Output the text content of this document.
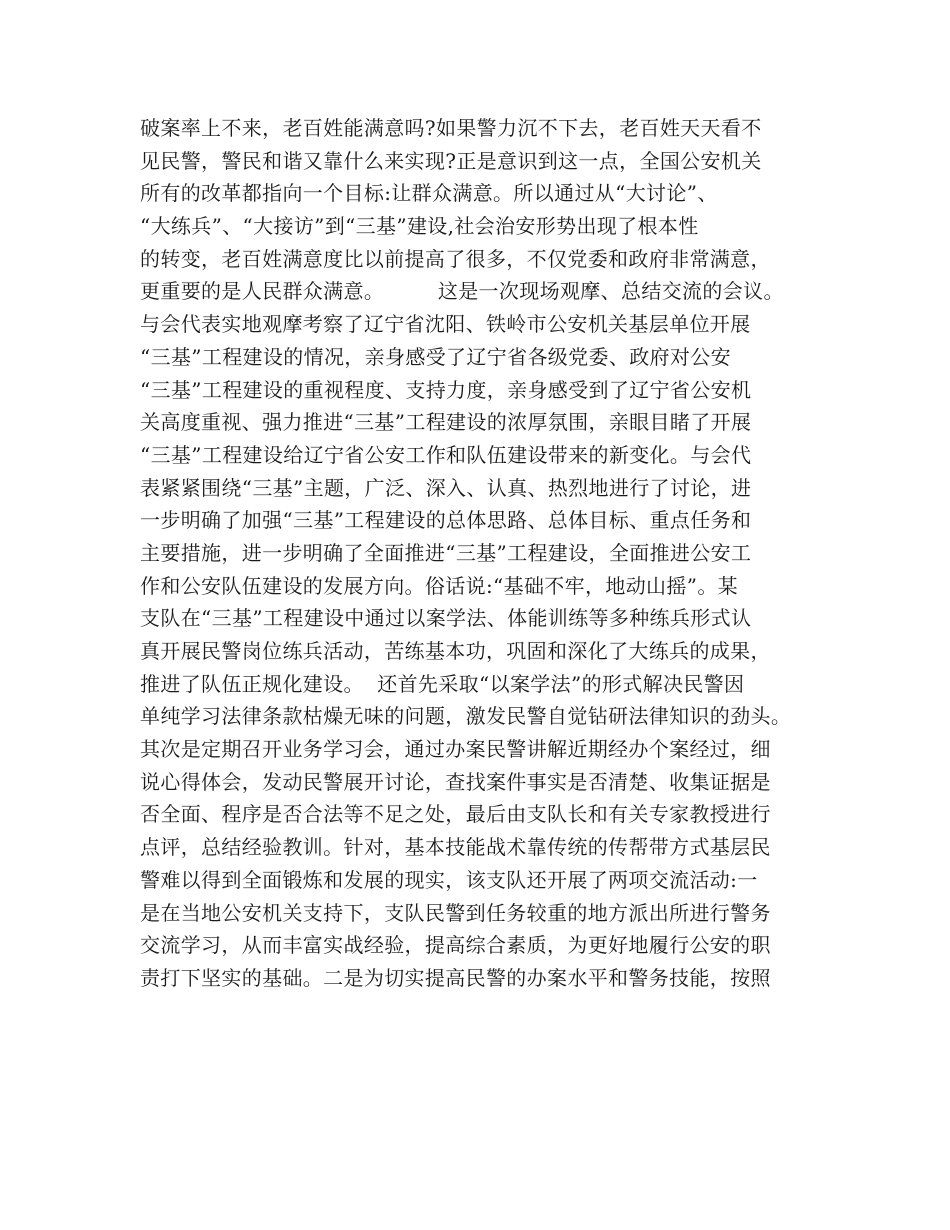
破案率上不来，老百姓能满意吗?如果警力沉不下去，老百姓天天看不
见民警，警民和谐又靠什么来实现?正是意识到这一点，全国公安机关
所有的改革都指向一个目标:让群众满意。所以通过从“大讨论”、
“大练兵”、“大接访”到“三基”建设,社会治安形势出现了根本性
的转变，老百姓满意度比以前提高了很多，不仅党委和政府非常满意，
更重要的是人民群众满意。        这是一次现场观摩、总结交流的会议。
与会代表实地观摩考察了辽宁省沈阳、铁岭市公安机关基层单位开展
“三基”工程建设的情况，亲身感受了辽宁省各级党委、政府对公安
“三基”工程建设的重视程度、支持力度，亲身感受到了辽宁省公安机
关高度重视、强力推进“三基”工程建设的浓厚氛围，亲眼目睹了开展
“三基”工程建设给辽宁省公安工作和队伍建设带来的新变化。与会代
表紧紧围绕“三基”主题，广泛、深入、认真、热烈地进行了讨论，进
一步明确了加强“三基”工程建设的总体思路、总体目标、重点任务和
主要措施，进一步明确了全面推进“三基”工程建设，全面推进公安工
作和公安队伍建设的发展方向。俗话说:“基础不牢，地动山摇”。某
支队在“三基”工程建设中通过以案学法、体能训练等多种练兵形式认
真开展民警岗位练兵活动，苦练基本功，巩固和深化了大练兵的成果，
推进了队伍正规化建设。  还首先采取“以案学法”的形式解决民警因
单纯学习法律条款枯燥无味的问题，激发民警自觉钻研法律知识的劲头。
其次是定期召开业务学习会，通过办案民警讲解近期经办个案经过，细
说心得体会，发动民警展开讨论，查找案件事实是否清楚、收集证据是
否全面、程序是否合法等不足之处，最后由支队长和有关专家教授进行
点评，总结经验教训。针对，基本技能战术靠传统的传帮带方式基层民
警难以得到全面锻炼和发展的现实，该支队还开展了两项交流活动:一
是在当地公安机关支持下，支队民警到任务较重的地方派出所进行警务
交流学习，从而丰富实战经验，提高综合素质，为更好地履行公安的职
责打下坚实的基础。二是为切实提高民警的办案水平和警务技能，按照
